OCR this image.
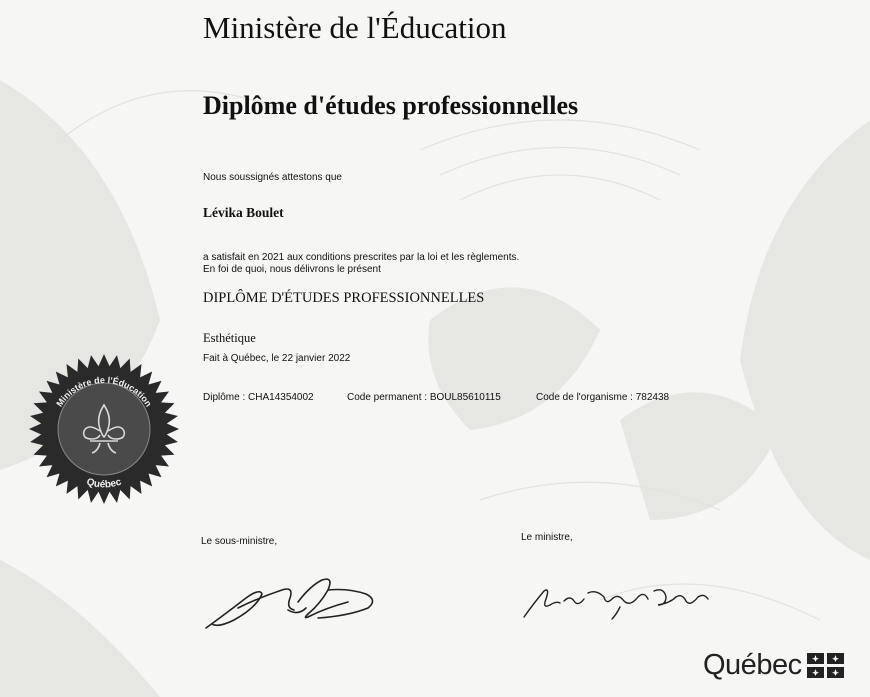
Ministère de l'Éducation
Diplôme d'études professionnelles
Nous soussignés attestons que
Lévika Boulet
a satisfait en 2021 aux conditions prescrites par la loi et les règlements.
En foi de quoi, nous délivrons le présent
DIPLÔME D'ÉTUDES PROFESSIONNELLES
Esthétique
Fait à Québec, le 22 janvier 2022
Diplôme : CHA14354002	Code permanent : BOUL85610115	Code de l'organisme : 782438
Ministère de l'Éducation
Québec
Le sous-ministre,	Le ministre,
Québec
